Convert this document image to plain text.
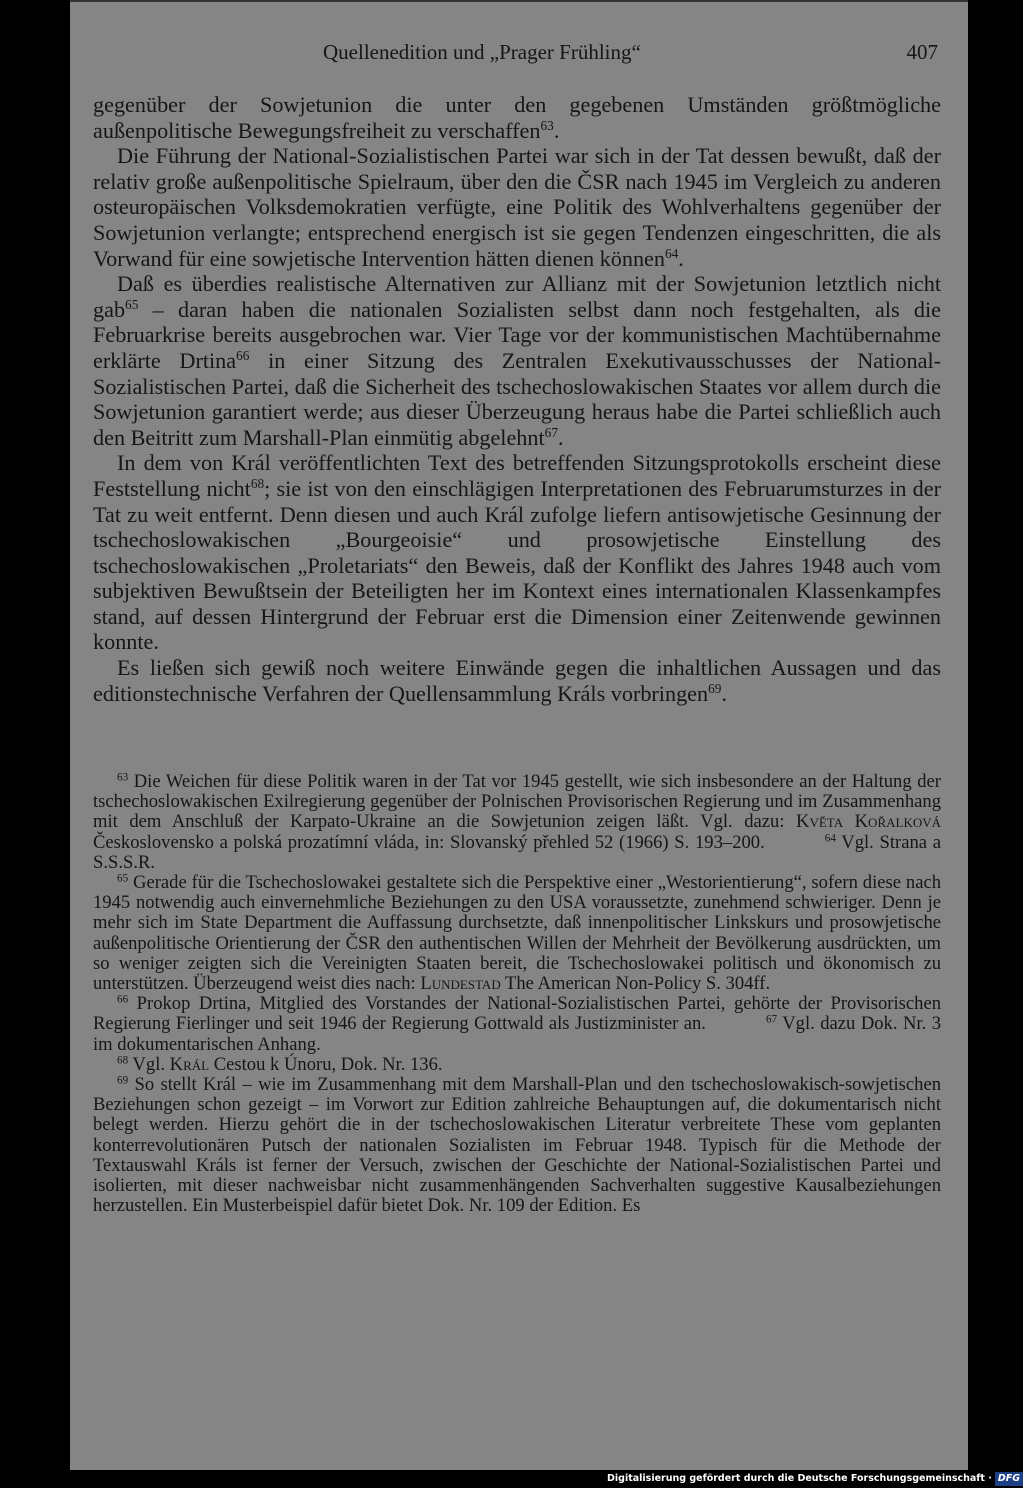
Quellenedition und „Prager Frühling“	407

gegenüber der Sowjetunion die unter den gegebenen Umständen größtmögliche außenpolitische Bewegungsfreiheit zu verschaffen$^{63}$.

Die Führung der National-Sozialistischen Partei war sich in der Tat dessen bewußt, daß der relativ große außenpolitische Spielraum, über den die ČSR nach 1945 im Vergleich zu anderen osteuropäischen Volksdemokratien verfügte, eine Politik des Wohlverhaltens gegenüber der Sowjetunion verlangte; entsprechend energisch ist sie gegen Tendenzen eingeschritten, die als Vorwand für eine sowjetische Intervention hätten dienen können$^{64}$.

Daß es überdies realistische Alternativen zur Allianz mit der Sowjetunion letztlich nicht gab$^{65}$ – daran haben die nationalen Sozialisten selbst dann noch festgehalten, als die Februarkrise bereits ausgebrochen war. Vier Tage vor der kommunistischen Machtübernahme erklärte Drtina$^{66}$ in einer Sitzung des Zentralen Exekutivausschusses der National-Sozialistischen Partei, daß die Sicherheit des tschechoslowakischen Staates vor allem durch die Sowjetunion garantiert werde; aus dieser Überzeugung heraus habe die Partei schließlich auch den Beitritt zum Marshall-Plan einmütig abgelehnt$^{67}$.

In dem von Král veröffentlichten Text des betreffenden Sitzungsprotokolls erscheint diese Feststellung nicht$^{68}$; sie ist von den einschlägigen Interpretationen des Februarumsturzes in der Tat zu weit entfernt. Denn diesen und auch Král zufolge liefern antisowjetische Gesinnung der tschechoslowakischen „Bourgeoisie“ und prosowjetische Einstellung des tschechoslowakischen „Proletariats“ den Beweis, daß der Konflikt des Jahres 1948 auch vom subjektiven Bewußtsein der Beteiligten her im Kontext eines internationalen Klassenkampfes stand, auf dessen Hintergrund der Februar erst die Dimension einer Zeitenwende gewinnen konnte.

Es ließen sich gewiß noch weitere Einwände gegen die inhaltlichen Aussagen und das editionstechnische Verfahren der Quellensammlung Králs vorbringen$^{69}$.

$^{63}$ Die Weichen für diese Politik waren in der Tat vor 1945 gestellt, wie sich insbesondere an der Haltung der tschechoslowakischen Exilregierung gegenüber der Polnischen Provisorischen Regierung und im Zusammenhang mit dem Anschluß der Karpato-Ukraine an die Sowjetunion zeigen läßt. Vgl. dazu: Květa Kořalková Československo a polská prozatímní vláda, in: Slovanský přehled 52 (1966) S. 193–200.	$^{64}$ Vgl. Strana a S.S.S.R.

$^{65}$ Gerade für die Tschechoslowakei gestaltete sich die Perspektive einer „Westorientierung“, sofern diese nach 1945 notwendig auch einvernehmliche Beziehungen zu den USA voraussetzte, zunehmend schwieriger. Denn je mehr sich im State Department die Auffassung durchsetzte, daß innenpolitischer Linkskurs und prosowjetische außenpolitische Orientierung der ČSR den authentischen Willen der Mehrheit der Bevölkerung ausdrückten, um so weniger zeigten sich die Vereinigten Staaten bereit, die Tschechoslowakei politisch und ökonomisch zu unterstützen. Überzeugend weist dies nach: Lundestad The American Non-Policy S. 304ff.

$^{66}$ Prokop Drtina, Mitglied des Vorstandes der National-Sozialistischen Partei, gehörte der Provisorischen Regierung Fierlinger und seit 1946 der Regierung Gottwald als Justizminister an.	$^{67}$ Vgl. dazu Dok. Nr. 3 im dokumentarischen Anhang.

$^{68}$ Vgl. Král Cestou k Únoru, Dok. Nr. 136.

$^{69}$ So stellt Král – wie im Zusammenhang mit dem Marshall-Plan und den tschechoslowakisch-sowjetischen Beziehungen schon gezeigt – im Vorwort zur Edition zahlreiche Behauptungen auf, die dokumentarisch nicht belegt werden. Hierzu gehört die in der tschechoslowakischen Literatur verbreitete These vom geplanten konterrevolutionären Putsch der nationalen Sozialisten im Februar 1948. Typisch für die Methode der Textauswahl Králs ist ferner der Versuch, zwischen der Geschichte der National-Sozialistischen Partei und isolierten, mit dieser nachweisbar nicht zusammenhängenden Sachverhalten suggestive Kausalbeziehungen herzustellen. Ein Musterbeispiel dafür bietet Dok. Nr. 109 der Edition. Es

Digitalisierung gefördert durch die Deutsche Forschungsgemeinschaft · DFG
